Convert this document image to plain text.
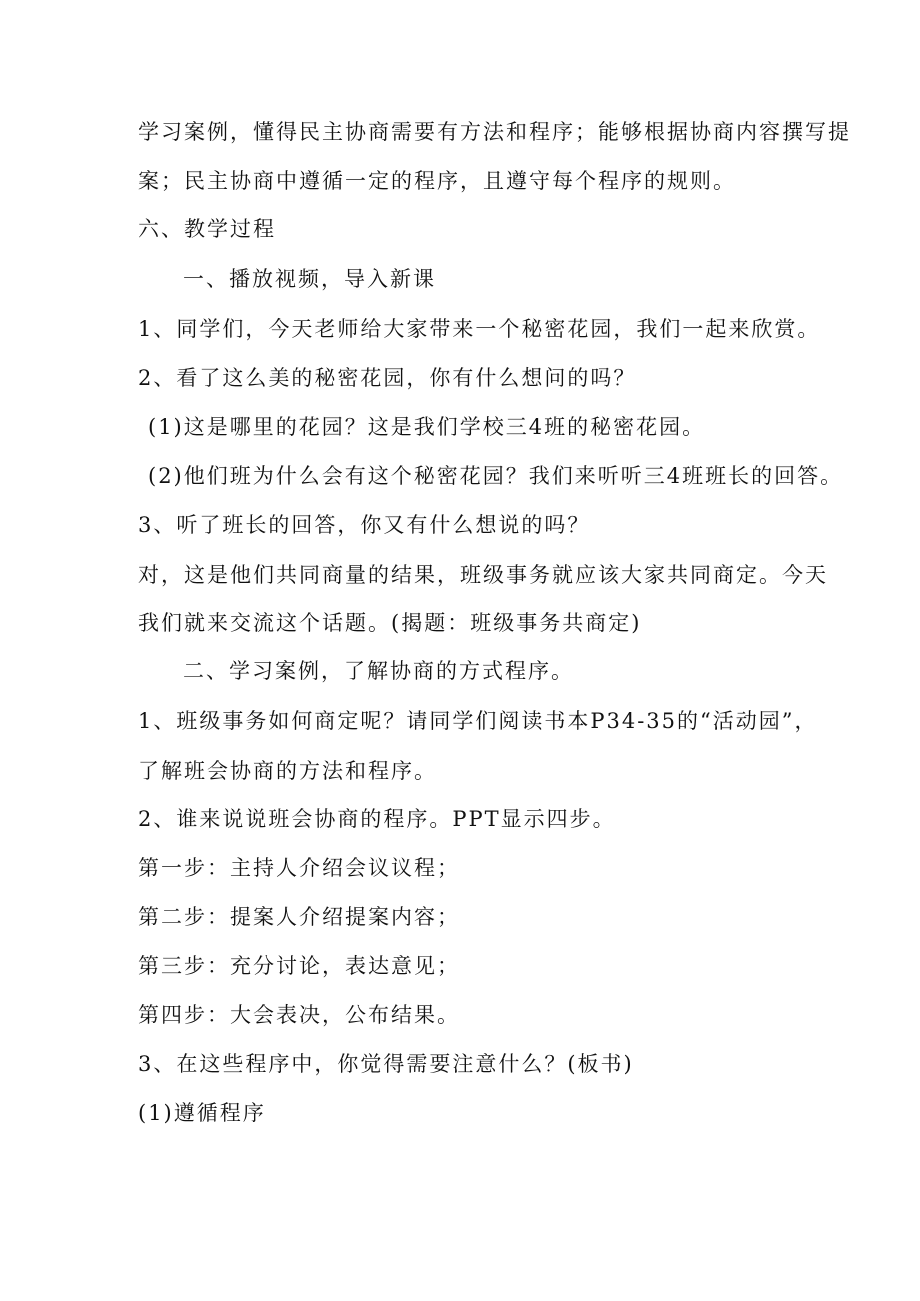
学习案例，懂得民主协商需要有方法和程序；能够根据协商内容撰写提
案；民主协商中遵循一定的程序，且遵守每个程序的规则。
六、教学过程
一、播放视频，导入新课
1、同学们，今天老师给大家带来一个秘密花园，我们一起来欣赏。
2、看了这么美的秘密花园，你有什么想问的吗？
(1)这是哪里的花园？这是我们学校三4班的秘密花园。
(2)他们班为什么会有这个秘密花园？我们来听听三4班班长的回答。
3、听了班长的回答，你又有什么想说的吗？
对，这是他们共同商量的结果，班级事务就应该大家共同商定。今天
我们就来交流这个话题。(揭题：班级事务共商定)
二、学习案例，了解协商的方式程序。
1、班级事务如何商定呢？请同学们阅读书本P34-35的“活动园”，
了解班会协商的方法和程序。
2、谁来说说班会协商的程序。PPT显示四步。
第一步：主持人介绍会议议程；
第二步：提案人介绍提案内容；
第三步：充分讨论，表达意见；
第四步：大会表决，公布结果。
3、在这些程序中，你觉得需要注意什么？(板书)
(1)遵循程序
